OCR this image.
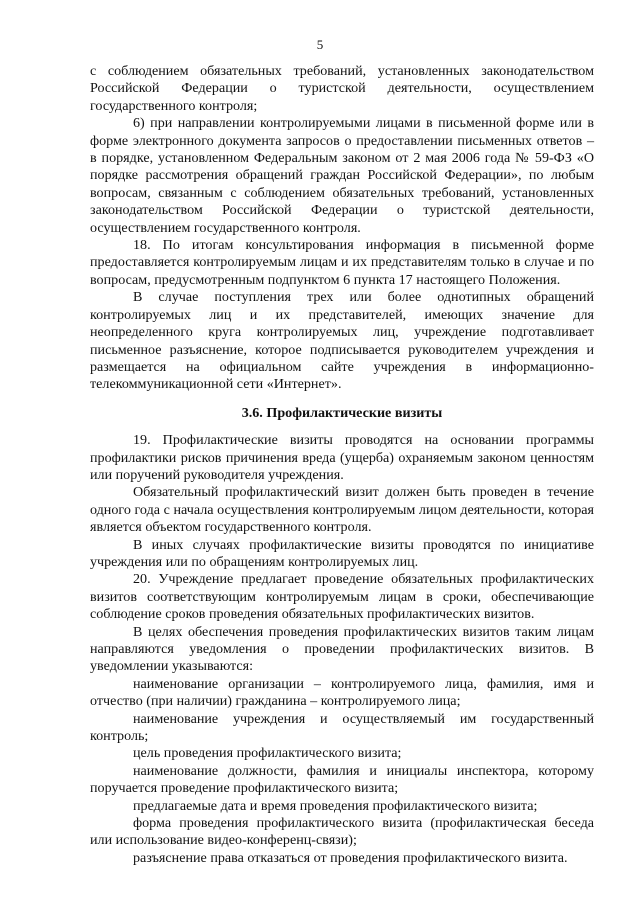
5

с соблюдением обязательных требований, установленных законодательством Российской Федерации о туристской деятельности, осуществлением государственного контроля;

6) при направлении контролируемыми лицами в письменной форме или в форме электронного документа запросов о предоставлении письменных ответов – в порядке, установленном Федеральным законом от 2 мая 2006 года № 59-ФЗ «О порядке рассмотрения обращений граждан Российской Федерации», по любым вопросам, связанным с соблюдением обязательных требований, установленных законодательством Российской Федерации о туристской деятельности, осуществлением государственного контроля.

18. По итогам консультирования информация в письменной форме предоставляется контролируемым лицам и их представителям только в случае и по вопросам, предусмотренным подпунктом 6 пункта 17 настоящего Положения.

В случае поступления трех или более однотипных обращений контролируемых лиц и их представителей, имеющих значение для неопределенного круга контролируемых лиц, учреждение подготавливает письменное разъяснение, которое подписывается руководителем учреждения и размещается на официальном сайте учреждения в информационно-телекоммуникационной сети «Интернет».

3.6. Профилактические визиты

19. Профилактические визиты проводятся на основании программы профилактики рисков причинения вреда (ущерба) охраняемым законом ценностям или поручений руководителя учреждения.

Обязательный профилактический визит должен быть проведен в течение одного года с начала осуществления контролируемым лицом деятельности, которая является объектом государственного контроля.

В иных случаях профилактические визиты проводятся по инициативе учреждения или по обращениям контролируемых лиц.

20. Учреждение предлагает проведение обязательных профилактических визитов соответствующим контролируемым лицам в сроки, обеспечивающие соблюдение сроков проведения обязательных профилактических визитов.

В целях обеспечения проведения профилактических визитов таким лицам направляются уведомления о проведении профилактических визитов. В уведомлении указываются:

наименование организации – контролируемого лица, фамилия, имя и отчество (при наличии) гражданина – контролируемого лица;

наименование учреждения и осуществляемый им государственный контроль;

цель проведения профилактического визита;

наименование должности, фамилия и инициалы инспектора, которому поручается проведение профилактического визита;

предлагаемые дата и время проведения профилактического визита;

форма проведения профилактического визита (профилактическая беседа или использование видео-конференц-связи);

разъяснение права отказаться от проведения профилактического визита.
